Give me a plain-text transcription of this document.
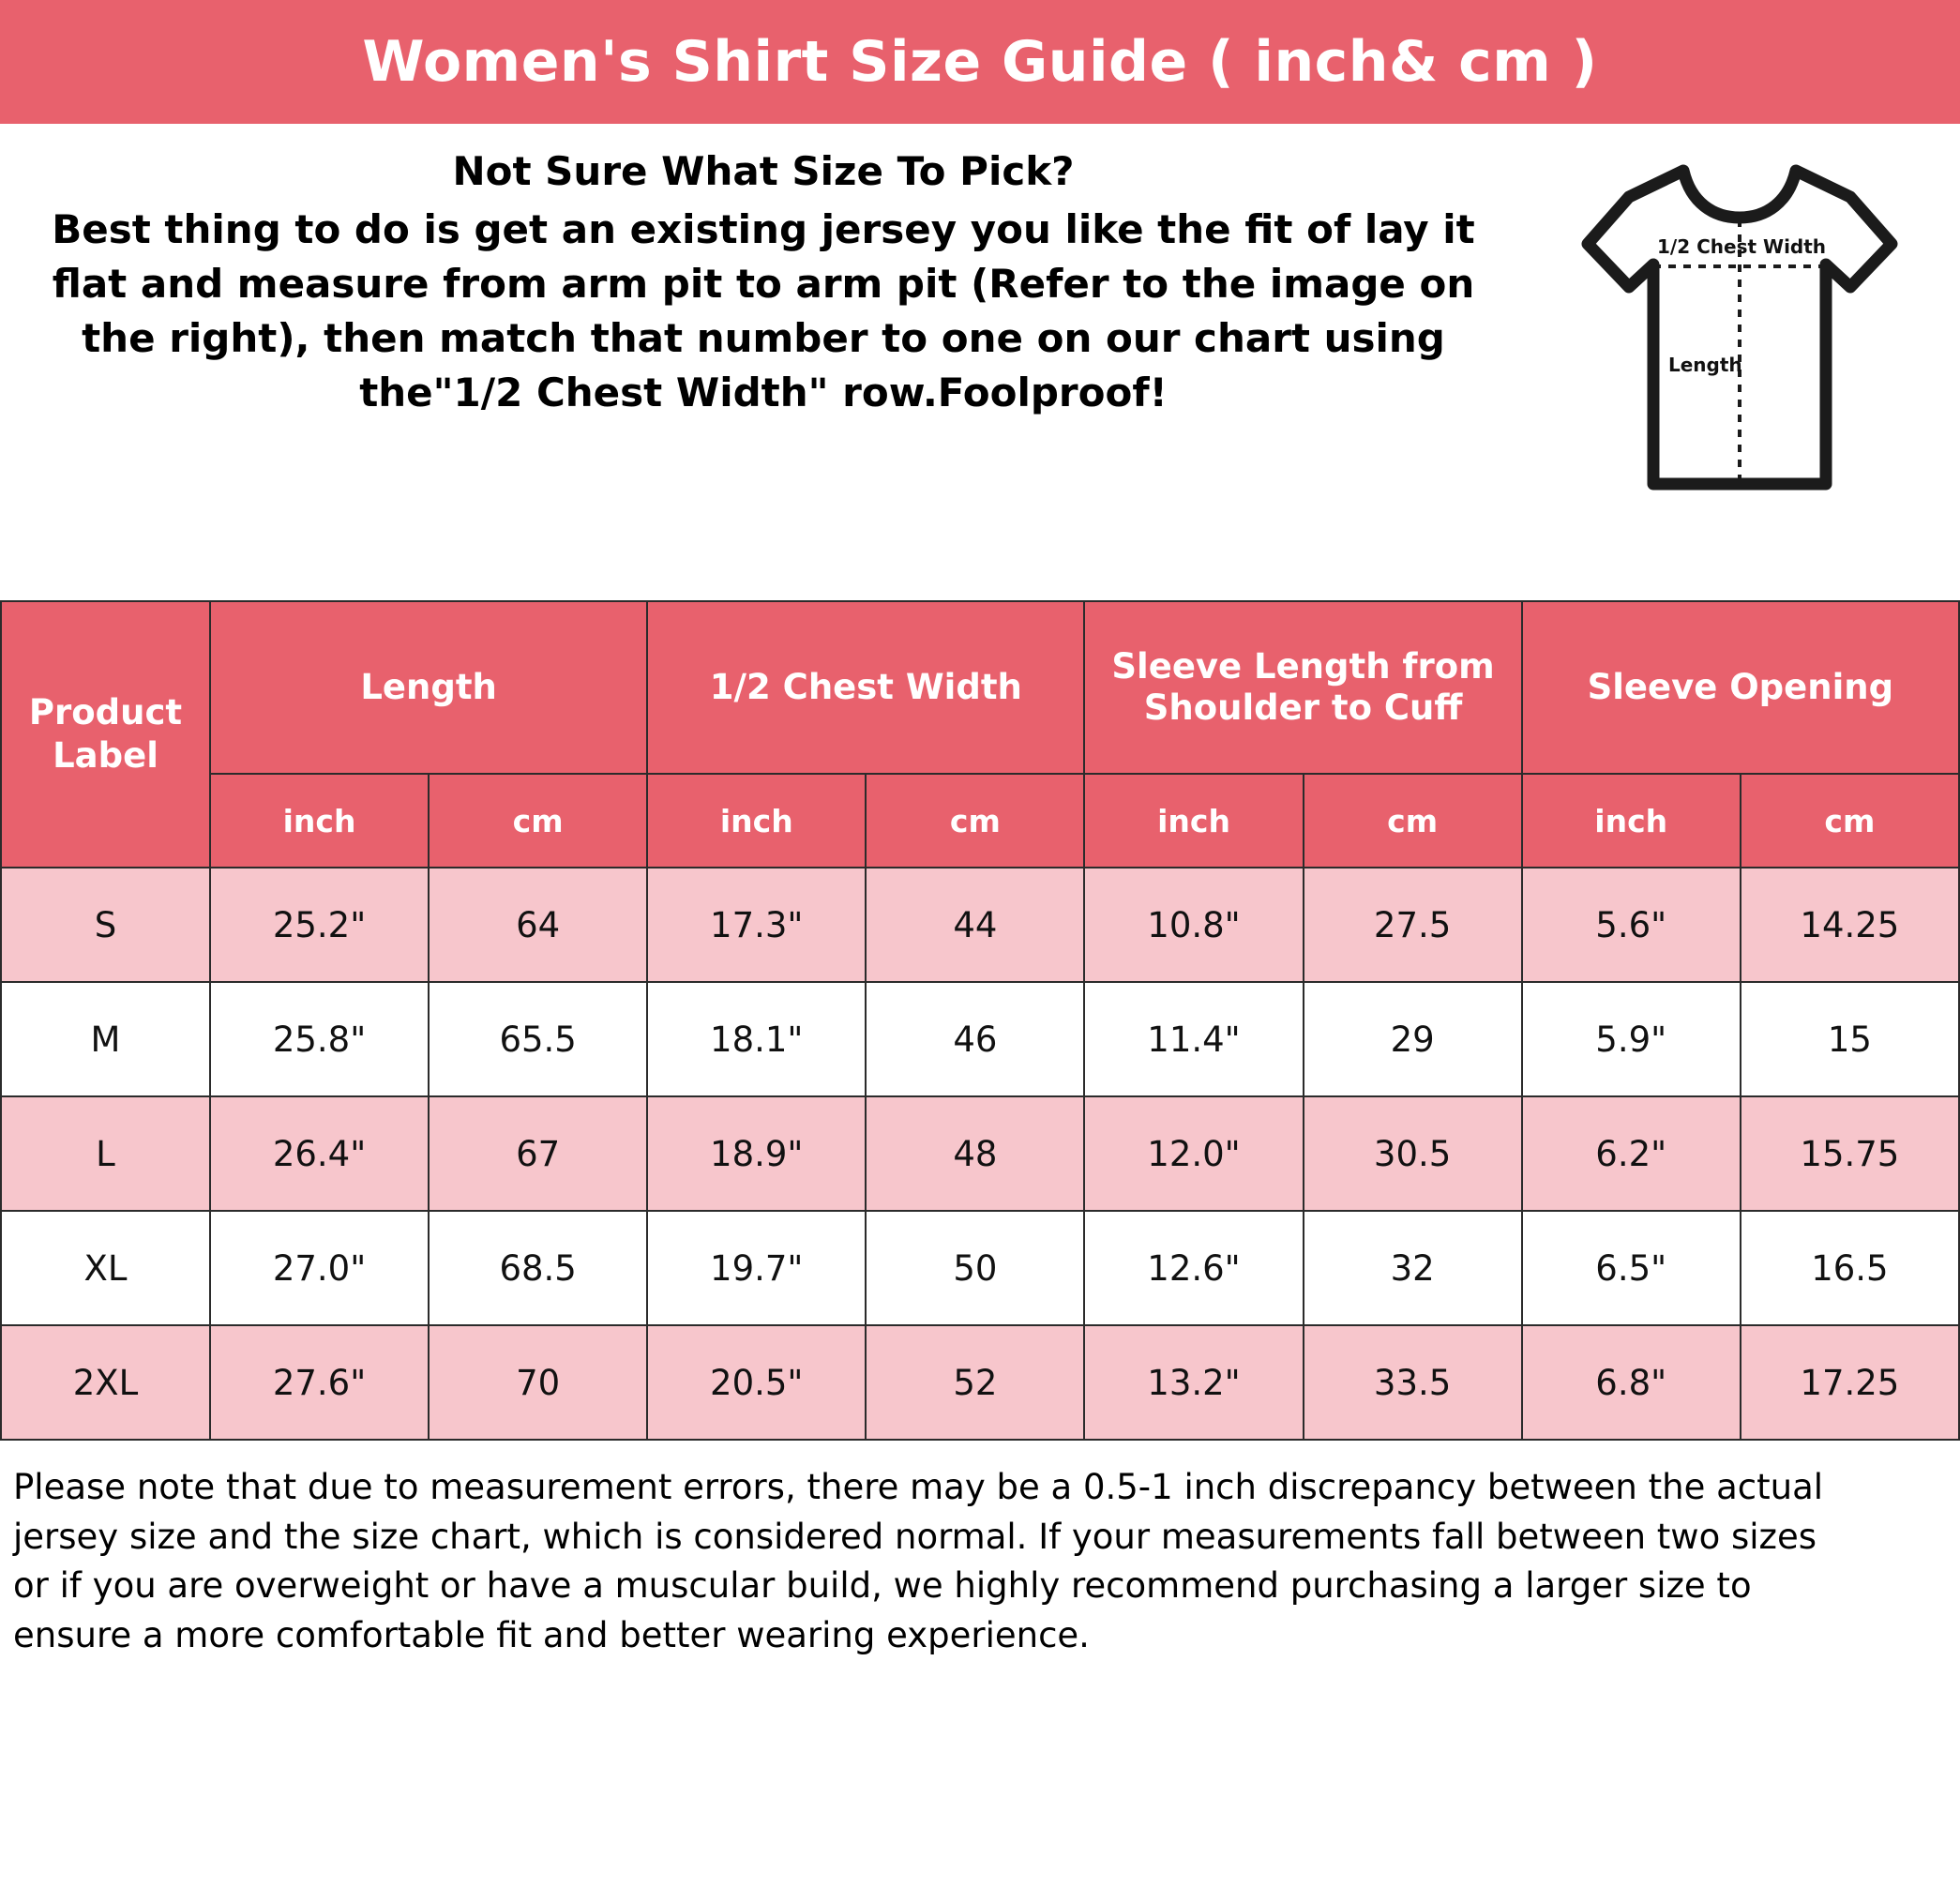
Women's Shirt Size Guide ( inch& cm )
Not Sure What Size To Pick?
Best thing to do is get an existing jersey you like the fit of lay it
flat and measure from arm pit to arm pit (Refer to the image on
the right), then match that number to one on our chart using
the"1/2 Chest Width" row.Foolproof!
1/2 Chest Width
Length
Product Label	Length		1/2 Chest Width		Sleeve Length from Shoulder to Cuff		Sleeve Opening	
	inch	cm	inch	cm	inch	cm	inch	cm
S	25.2"	64	17.3"	44	10.8"	27.5	5.6"	14.25
M	25.8"	65.5	18.1"	46	11.4"	29	5.9"	15
L	26.4"	67	18.9"	48	12.0"	30.5	6.2"	15.75
XL	27.0"	68.5	19.7"	50	12.6"	32	6.5"	16.5
2XL	27.6"	70	20.5"	52	13.2"	33.5	6.8"	17.25
Please note that due to measurement errors, there may be a 0.5-1 inch discrepancy between the actual
jersey size and the size chart, which is considered normal. If your measurements fall between two sizes
or if you are overweight or have a muscular build, we highly recommend purchasing a larger size to
ensure a more comfortable fit and better wearing experience.
